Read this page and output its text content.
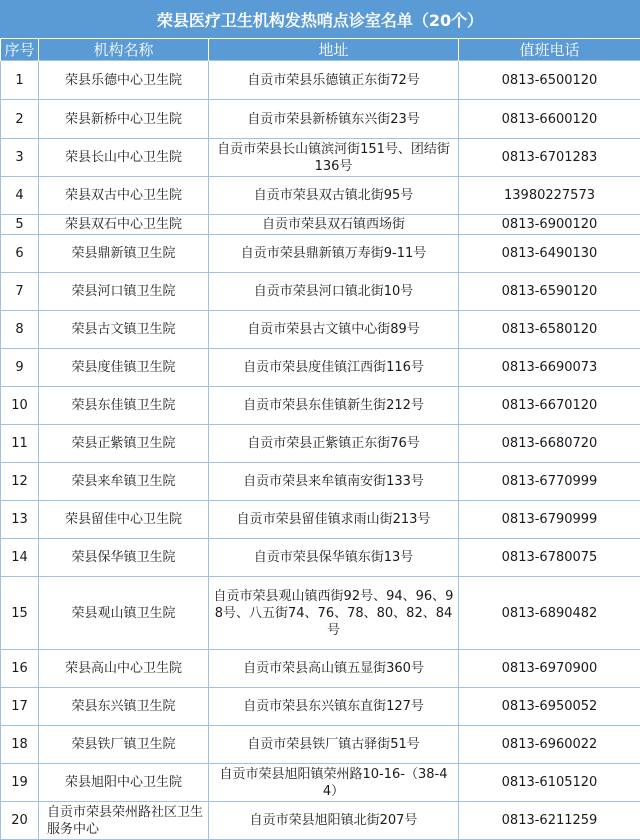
荣县医疗卫生机构发热哨点诊室名单（20个）
序号	机构名称	地址	值班电话
1	荣县乐德中心卫生院	自贡市荣县乐德镇正东街72号	0813-6500120
2	荣县新桥中心卫生院	自贡市荣县新桥镇东兴街23号	0813-6600120
3	荣县长山中心卫生院	自贡市荣县长山镇滨河街151号、团结街136号	0813-6701283
4	荣县双古中心卫生院	自贡市荣县双古镇北街95号	13980227573
5	荣县双石中心卫生院	自贡市荣县双石镇西场街	0813-6900120
6	荣县鼎新镇卫生院	自贡市荣县鼎新镇万寿街9-11号	0813-6490130
7	荣县河口镇卫生院	自贡市荣县河口镇北街10号	0813-6590120
8	荣县古文镇卫生院	自贡市荣县古文镇中心街89号	0813-6580120
9	荣县度佳镇卫生院	自贡市荣县度佳镇江西街116号	0813-6690073
10	荣县东佳镇卫生院	自贡市荣县东佳镇新生街212号	0813-6670120
11	荣县正紫镇卫生院	自贡市荣县正紫镇正东街76号	0813-6680720
12	荣县来牟镇卫生院	自贡市荣县来牟镇南安街133号	0813-6770999
13	荣县留佳中心卫生院	自贡市荣县留佳镇求雨山街213号	0813-6790999
14	荣县保华镇卫生院	自贡市荣县保华镇东街13号	0813-6780075
15	荣县观山镇卫生院	自贡市荣县观山镇西街92号、94、96、98号、八五街74、76、78、80、82、84号	0813-6890482
16	荣县高山中心卫生院	自贡市荣县高山镇五显街360号	0813-6970900
17	荣县东兴镇卫生院	自贡市荣县东兴镇东直街127号	0813-6950052
18	荣县铁厂镇卫生院	自贡市荣县铁厂镇古驿街51号	0813-6960022
19	荣县旭阳中心卫生院	自贡市荣县旭阳镇荣州路10-16-（38-44）	0813-6105120
20	自贡市荣县荣州路社区卫生服务中心	自贡市荣县旭阳镇北街207号	0813-6211259
